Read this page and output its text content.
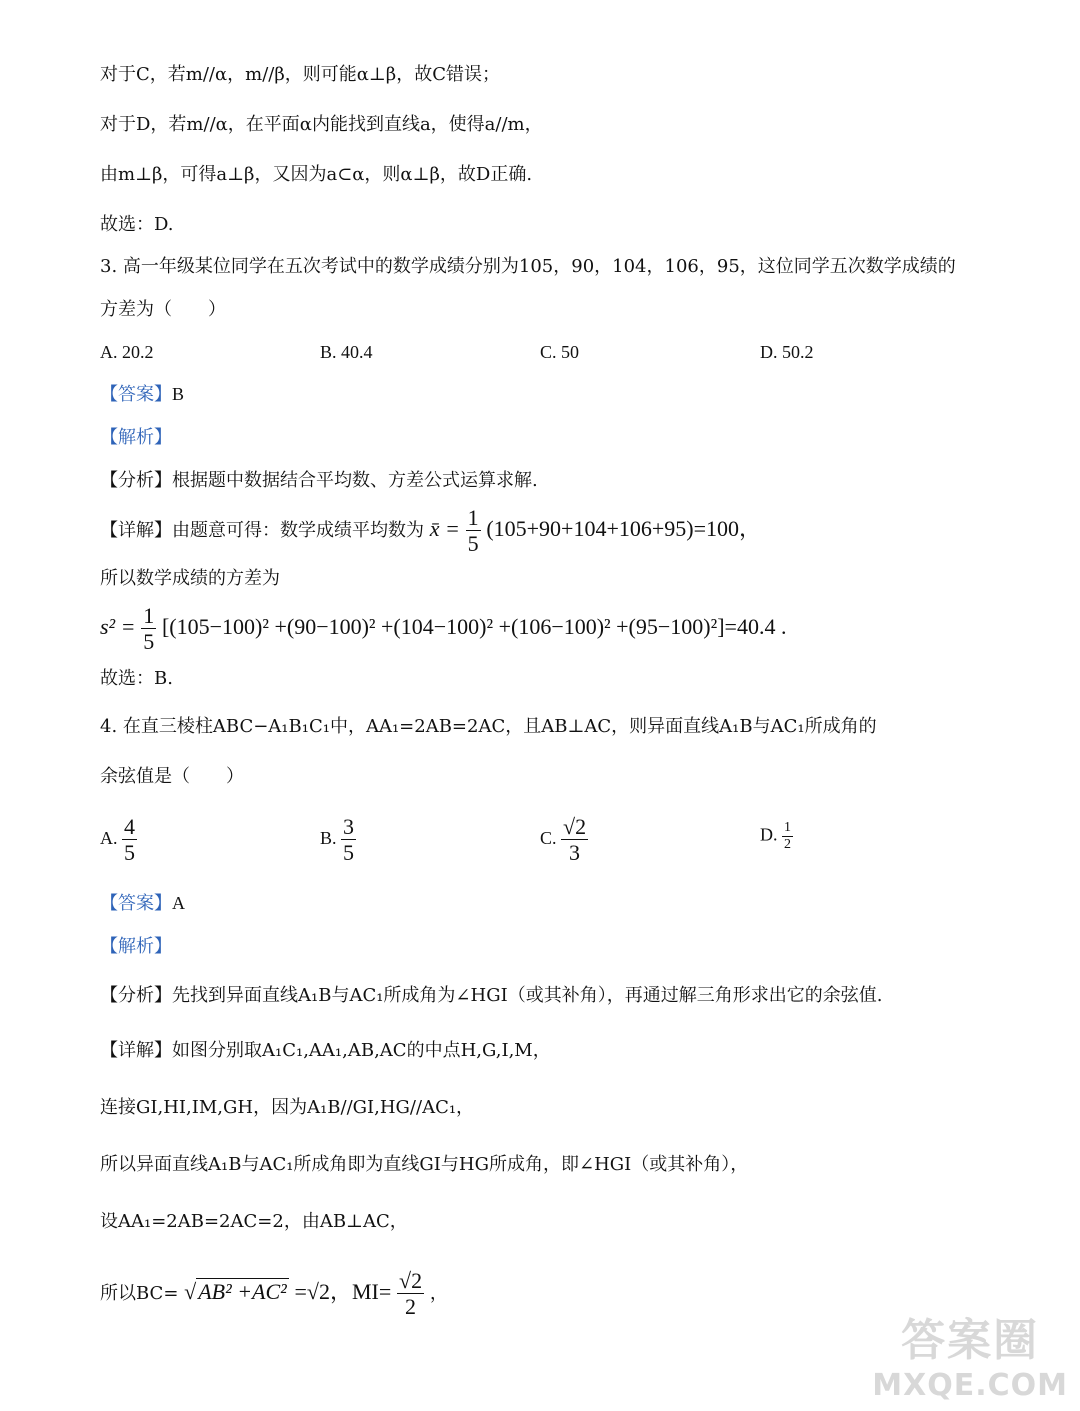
对于C，若m//α，m//β，则可能α⊥β，故C错误；
对于D，若m//α，在平面α内能找到直线a，使得a//m，
由m⊥β，可得a⊥β，又因为a⊂α，则α⊥β，故D正确.
故选：D.
3. 高一年级某位同学在五次考试中的数学成绩分别为105，90，104，106，95，这位同学五次数学成绩的
方差为（　　）
A. 20.2	B. 40.4	C. 50	D. 50.2
【答案】B
【解析】
【分析】根据题中数据结合平均数、方差公式运算求解.
【详解】由题意可得：数学成绩平均数为 x̄ = $\frac{1}{5} (105+90+104+106+95)=100$，
所以数学成绩的方差为
$s^2 = \frac{1}{5} [(105-100)^2 +(90-100)^2 +(104-100)^2 +(106-100)^2 +(95-100)^2]=40.4$ .
故选：B.
4. 在直三棱柱ABC−A₁B₁C₁中，AA₁=2AB=2AC，且AB⊥AC，则异面直线A₁B与AC₁所成角的
余弦值是（　　）
A. $\frac{4}{5}$	B. $\frac{3}{5}$	C. $\frac{√2}{3}$	D. $\frac{1}{2}$
【答案】A
【解析】
【分析】先找到异面直线A₁B与AC₁所成角为∠HGI（或其补角），再通过解三角形求出它的余弦值.
【详解】如图分别取A₁C₁,AA₁,AB,AC的中点H,G,I,M，
连接GI,HI,IM,GH，因为A₁B//GI,HG//AC₁，
所以异面直线A₁B与AC₁所成角即为直线GI与HG所成角，即∠HGI（或其补角），
设AA₁=2AB=2AC=2，由AB⊥AC，
所以BC= √AB² +AC² =√2，$MI= \frac{√2}{2}$ ，
答案圈
MXQE.COM
